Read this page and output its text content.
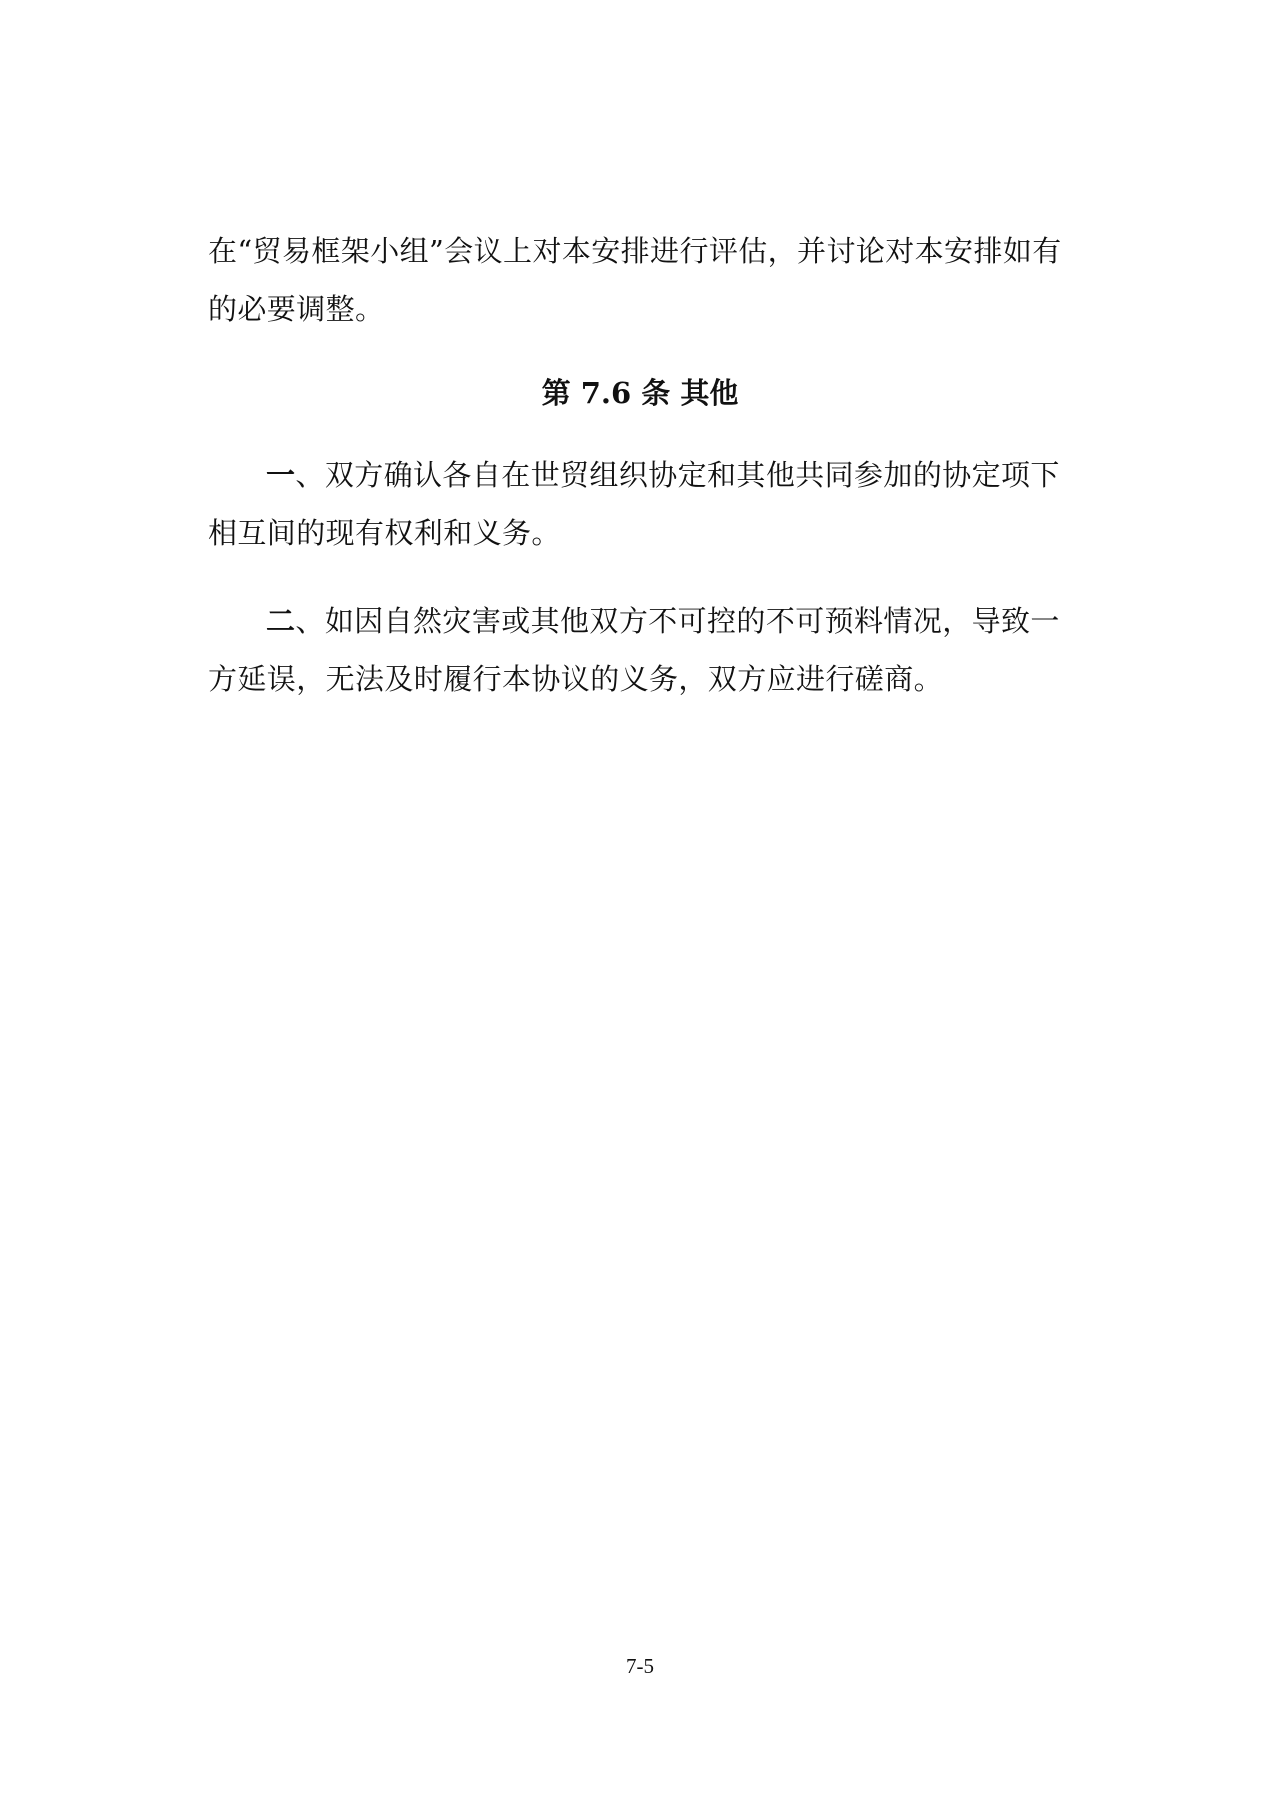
在“贸易框架小组”会议上对本安排进行评估，并讨论对本安排如有的必要调整。

第 7.6 条 其他

一、双方确认各自在世贸组织协定和其他共同参加的协定项下相互间的现有权利和义务。

二、如因自然灾害或其他双方不可控的不可预料情况，导致一方延误，无法及时履行本协议的义务，双方应进行磋商。

7-5
